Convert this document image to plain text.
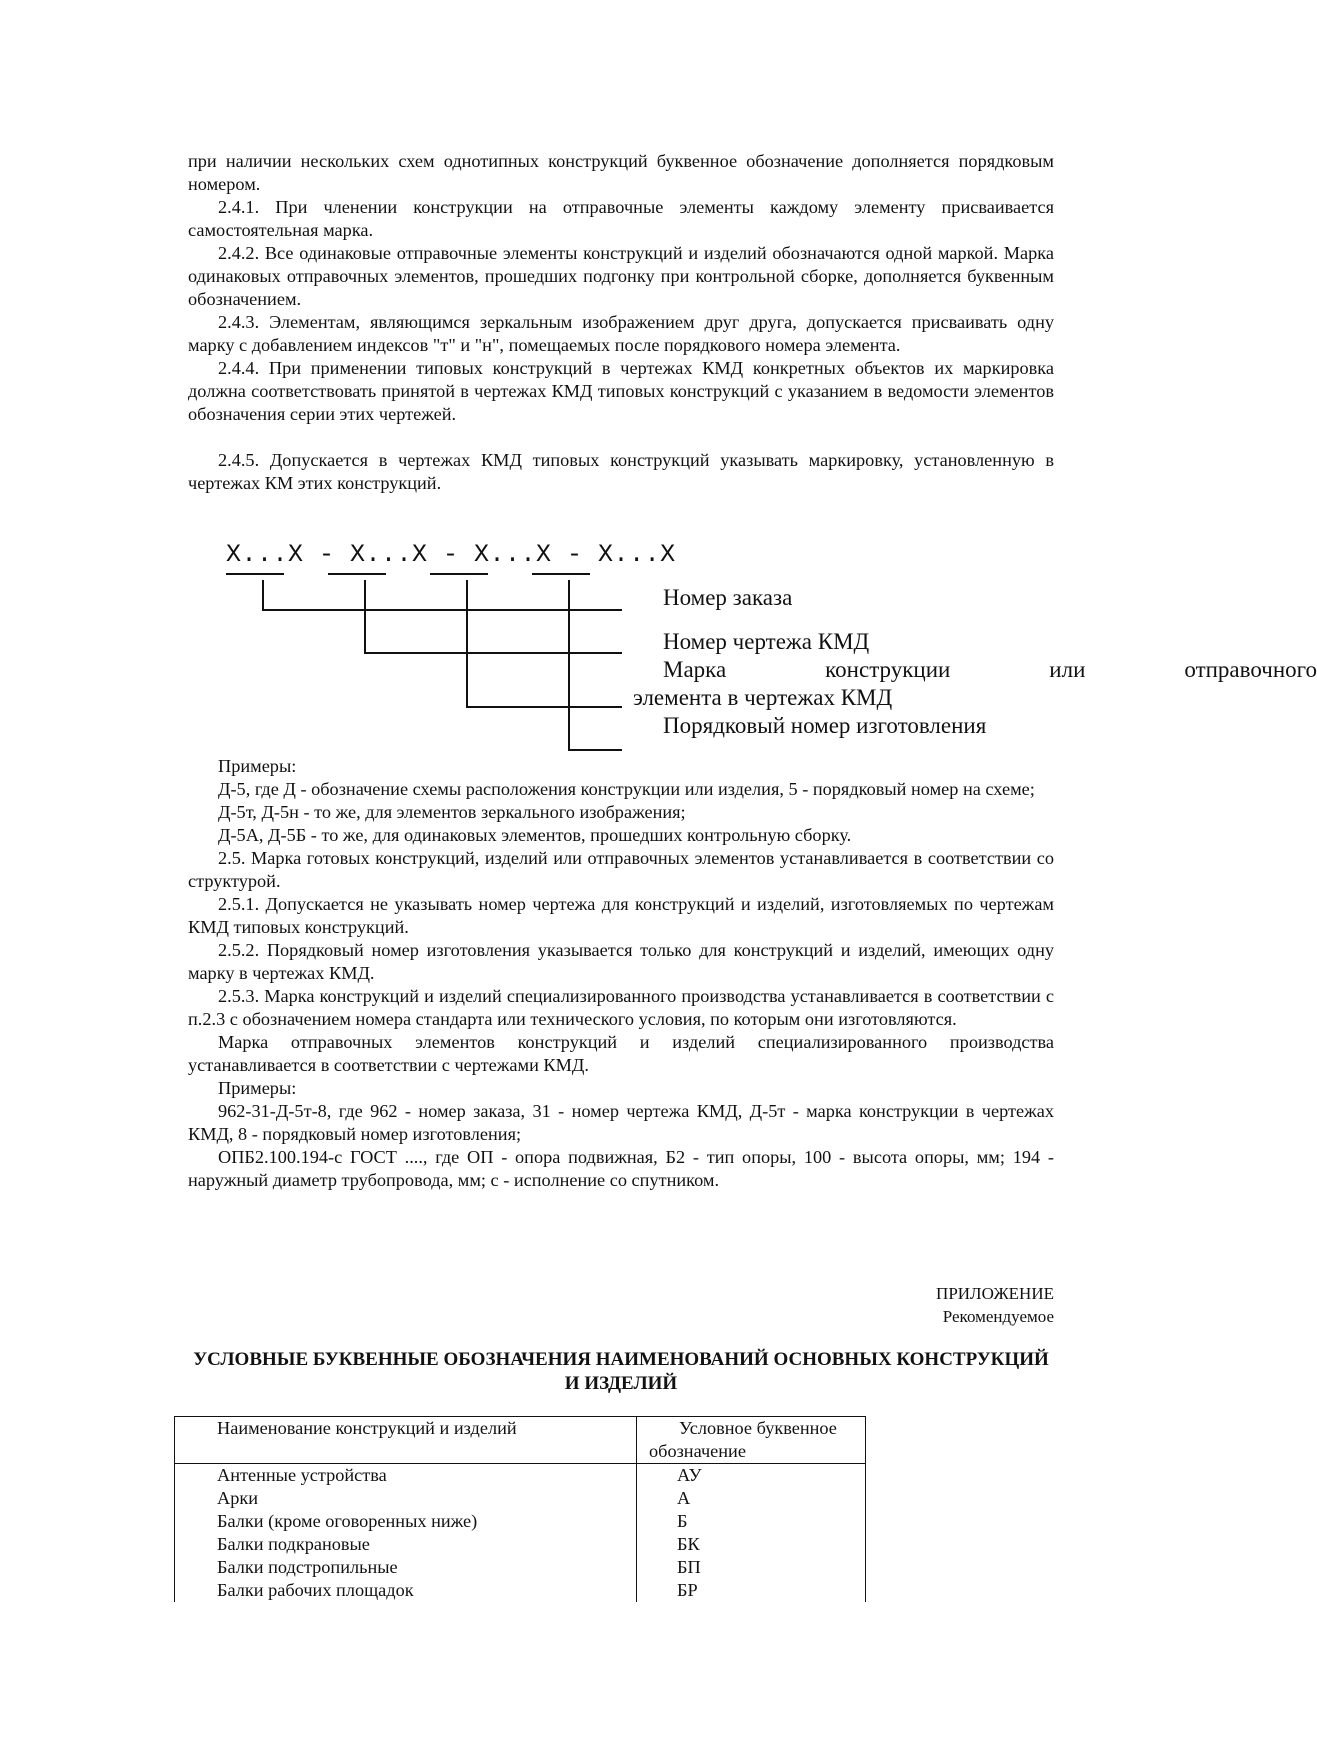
при наличии нескольких схем однотипных конструкций буквенное обозначение дополняется порядковым номером.

2.4.1. При членении конструкции на отправочные элементы каждому элементу присваивается самостоятельная марка.

2.4.2. Все одинаковые отправочные элементы конструкций и изделий обозначаются одной маркой. Марка одинаковых отправочных элементов, прошедших подгонку при контрольной сборке, дополняется буквенным обозначением.

2.4.3. Элементам, являющимся зеркальным изображением друг друга, допускается присваивать одну марку с добавлением индексов "т" и "н", помещаемых после порядкового номера элемента.

2.4.4. При применении типовых конструкций в чертежах КМД конкретных объектов их маркировка должна соответствовать принятой в чертежах КМД типовых конструкций с указанием в ведомости элементов обозначения серии этих чертежей.

2.4.5. Допускается в чертежах КМД типовых конструкций указывать маркировку, установленную в чертежах КМ этих конструкций.

X...X - X...X - X...X - X...X
Номер заказа
Номер чертежа КМД
Марка конструкции или отправочного
элемента в чертежах КМД
Порядковый номер изготовления

Примеры:

Д-5, где Д - обозначение схемы расположения конструкции или изделия, 5 - порядковый номер на схеме;

Д-5т, Д-5н - то же, для элементов зеркального изображения;

Д-5А, Д-5Б - то же, для одинаковых элементов, прошедших контрольную сборку.

2.5. Марка готовых конструкций, изделий или отправочных элементов устанавливается в соответствии со структурой.

2.5.1. Допускается не указывать номер чертежа для конструкций и изделий, изготовляемых по чертежам КМД типовых конструкций.

2.5.2. Порядковый номер изготовления указывается только для конструкций и изделий, имеющих одну марку в чертежах КМД.

2.5.3. Марка конструкций и изделий специализированного производства устанавливается в соответствии с п.2.3 с обозначением номера стандарта или технического условия, по которым они изготовляются.

Марка отправочных элементов конструкций и изделий специализированного производства устанавливается в соответствии с чертежами КМД.

Примеры:

962-31-Д-5т-8, где 962 - номер заказа, 31 - номер чертежа КМД, Д-5т - марка конструкции в чертежах КМД, 8 - порядковый номер изготовления;

ОПБ2.100.194-с ГОСТ ...., где ОП - опора подвижная, Б2 - тип опоры, 100 - высота опоры, мм; 194 - наружный диаметр трубопровода, мм; с - исполнение со спутником.

ПРИЛОЖЕНИЕ
Рекомендуемое
УСЛОВНЫЕ БУКВЕННЫЕ ОБОЗНАЧЕНИЯ НАИМЕНОВАНИЙ ОСНОВНЫХ КОНСТРУКЦИЙ И ИЗДЕЛИЙ
Наименование конструкций и изделий	Условное буквенное обозначение

Антенные устройства	АУ
Арки	А
Балки (кроме оговоренных ниже)	Б
Балки подкрановые	БК
Балки подстропильные	БП
Балки рабочих площадок	БР
